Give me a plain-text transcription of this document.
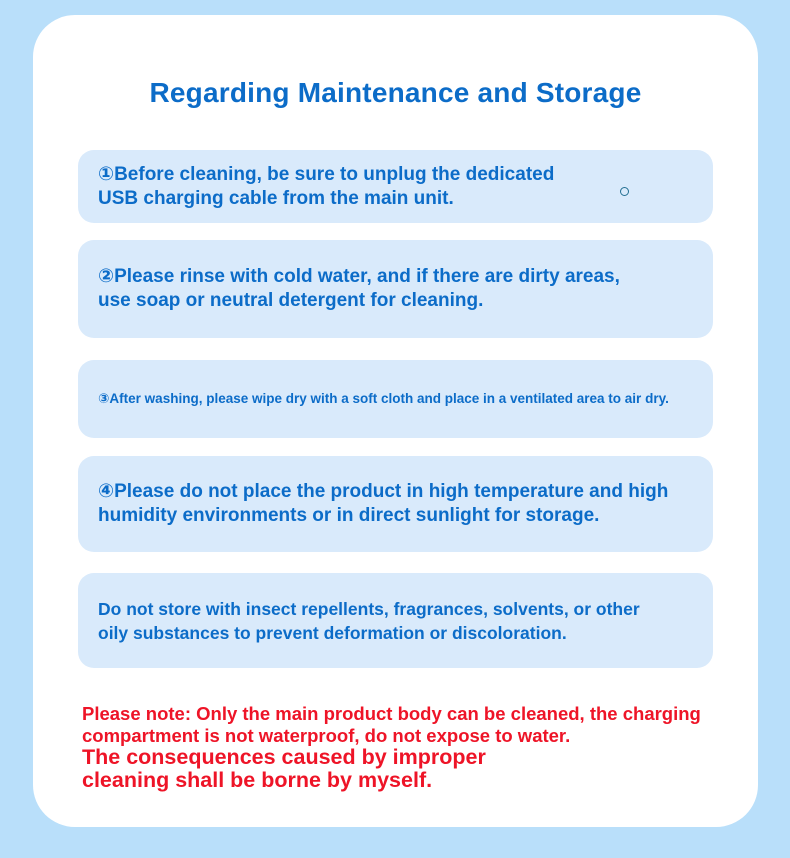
Regarding Maintenance and Storage
①Before cleaning, be sure to unplug the dedicated
USB charging cable from the main unit.
②Please rinse with cold water, and if there are dirty areas,
use soap or neutral detergent for cleaning.
③After washing, please wipe dry with a soft cloth and place in a ventilated area to air dry.
④Please do not place the product in high temperature and high
humidity environments or in direct sunlight for storage.
Do not store with insect repellents, fragrances, solvents, or other
oily substances to prevent deformation or discoloration.
Please note: Only the main product body can be cleaned, the charging
compartment is not waterproof, do not expose to water.
The consequences caused by improper
cleaning shall be borne by myself.
